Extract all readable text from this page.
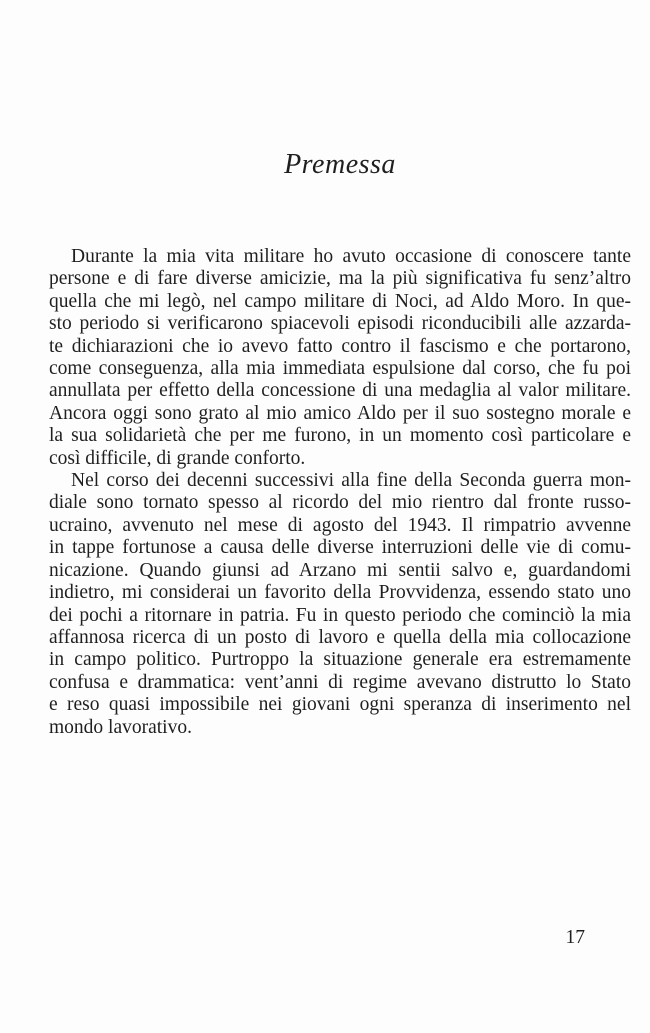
Premessa
Durante la mia vita militare ho avuto occasione di conoscere tante
persone e di fare diverse amicizie, ma la più significativa fu senz’altro
quella che mi legò, nel campo militare di Noci, ad Aldo Moro. In que-
sto periodo si verificarono spiacevoli episodi riconducibili alle azzarda-
te dichiarazioni che io avevo fatto contro il fascismo e che portarono,
come conseguenza, alla mia immediata espulsione dal corso, che fu poi
annullata per effetto della concessione di una medaglia al valor militare.
Ancora oggi sono grato al mio amico Aldo per il suo sostegno morale e
la sua solidarietà che per me furono, in un momento così particolare e
così difficile, di grande conforto.
Nel corso dei decenni successivi alla fine della Seconda guerra mon-
diale sono tornato spesso al ricordo del mio rientro dal fronte russo-
ucraino, avvenuto nel mese di agosto del 1943. Il rimpatrio avvenne
in tappe fortunose a causa delle diverse interruzioni delle vie di comu-
nicazione. Quando giunsi ad Arzano mi sentii salvo e, guardandomi
indietro, mi considerai un favorito della Provvidenza, essendo stato uno
dei pochi a ritornare in patria. Fu in questo periodo che cominciò la mia
affannosa ricerca di un posto di lavoro e quella della mia collocazione
in campo politico. Purtroppo la situazione generale era estremamente
confusa e drammatica: vent’anni di regime avevano distrutto lo Stato
e reso quasi impossibile nei giovani ogni speranza di inserimento nel
mondo lavorativo.
17
